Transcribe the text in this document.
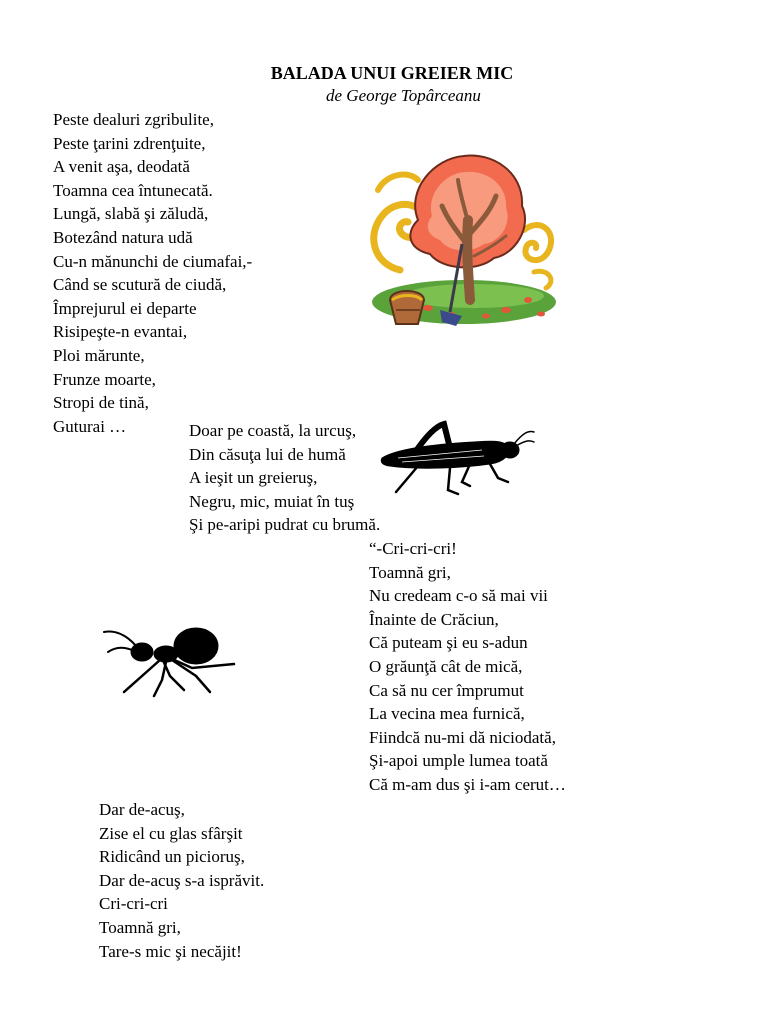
BALADA UNUI GREIER MIC

de George Topârceanu

Peste dealuri zgribulite,
Peste ţarini zdrenţuite,
A venit aşa, deodată
Toamna cea întunecată.
Lungă, slabă şi zăludă,
Botezând natura udă
Cu-n mănunchi de ciumafai,-
Când se scutură de ciudă,
Împrejurul ei departe
Risipeşte-n evantai,
Ploi mărunte,
Frunze moarte,
Stropi de tină,
Guturai …	Doar pe coastă, la urcuş,
Din căsuţa lui de humă
A ieşit un greieruş,
Negru, mic, muiat în tuş
Şi pe-aripi pudrat cu brumă.
“-Cri-cri-cri!
Toamnă gri,
Nu credeam c-o să mai vii
Înainte de Crăciun,
Că puteam şi eu s-adun
O grăunţă cât de mică,
Ca să nu cer împrumut
La vecina mea furnică,
Fiindcă nu-mi dă niciodată,
Şi-apoi umple lumea toată
Că m-am dus şi i-am cerut…
Dar de-acuş,
Zise el cu glas sfârşit
Ridicând un picioruş,
Dar de-acuş s-a isprăvit.
Cri-cri-cri
Toamnă gri,
Tare-s mic şi necăjit!
